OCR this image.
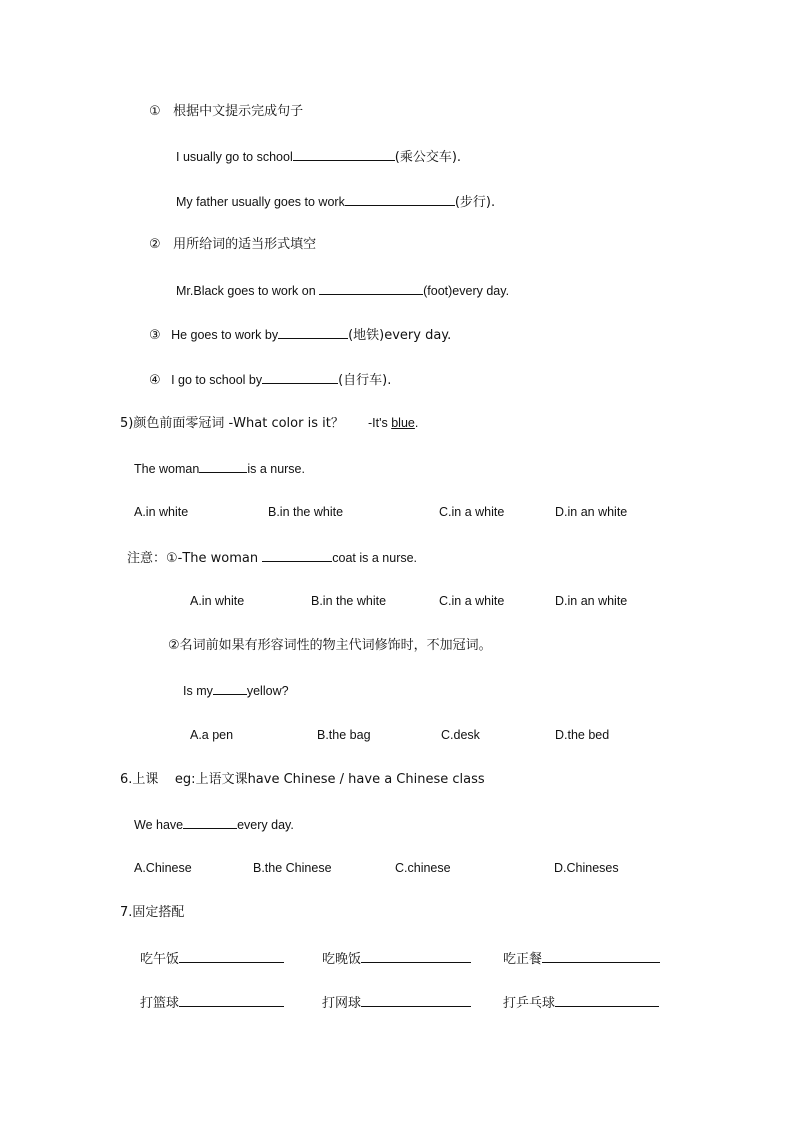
① 根据中文提示完成句子
I usually go to school	(乘公交车).
My father usually goes to work	(步行).
② 用所给词的适当形式填空
Mr.Black goes to work on	(foot)every day.
③ He goes to work by	(地铁)every day.
④ I go to school by	(自行车).
5)颜色前面零冠词 -What color is it？ -It's blue.
The woman	is a nurse.
A.in white	B.in the white	C.in a white	D.in an white
注意：①-The woman	coat is a nurse.
A.in white	B.in the white	C.in a white	D.in an white
②名词前如果有形容词性的物主代词修饰时，不加冠词。
Is my	yellow?
A.a pen	B.the bag	C.desk	D.the bed
6.上课    eg:上语文课have Chinese / have a Chinese class
We have	every day.
A.Chinese	B.the Chinese	C.chinese	D.Chineses
7.固定搭配
吃午饭	吃晚饭	吃正餐
打篮球	打网球	打乒乓球
